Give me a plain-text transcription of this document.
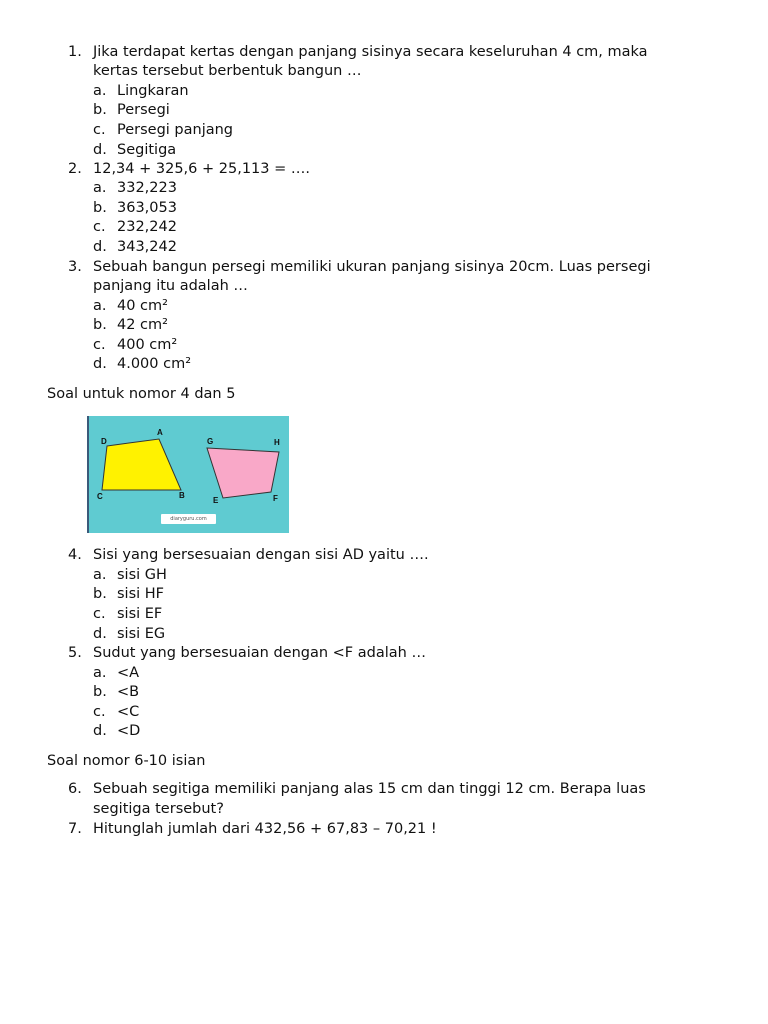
1. Jika terdapat kertas dengan panjang sisinya secara keseluruhan 4 cm, maka
kertas tersebut berbentuk bangun …
a. Lingkaran
b. Persegi
c. Persegi panjang
d. Segitiga
2. 12,34 + 325,6 + 25,113 = ….
a. 332,223
b. 363,053
c. 232,242
d. 343,242
3. Sebuah bangun persegi memiliki ukuran panjang sisinya 20cm. Luas persegi
panjang itu adalah …
a. 40 cm²
b. 42 cm²
c. 400 cm²
d. 4.000 cm²
Soal untuk nomor 4 dan 5
D
A
C	B
G	H
E	F
diaryguru.com
4. Sisi yang bersesuaian dengan sisi AD yaitu ….
a. sisi GH
b. sisi HF
c. sisi EF
d. sisi EG
5. Sudut yang bersesuaian dengan <F adalah …
a. <A
b. <B
c. <C
d. <D
Soal nomor 6-10 isian
6. Sebuah segitiga memiliki panjang alas 15 cm dan tinggi 12 cm. Berapa luas
segitiga tersebut?
7. Hitunglah jumlah dari 432,56 + 67,83 – 70,21 !
